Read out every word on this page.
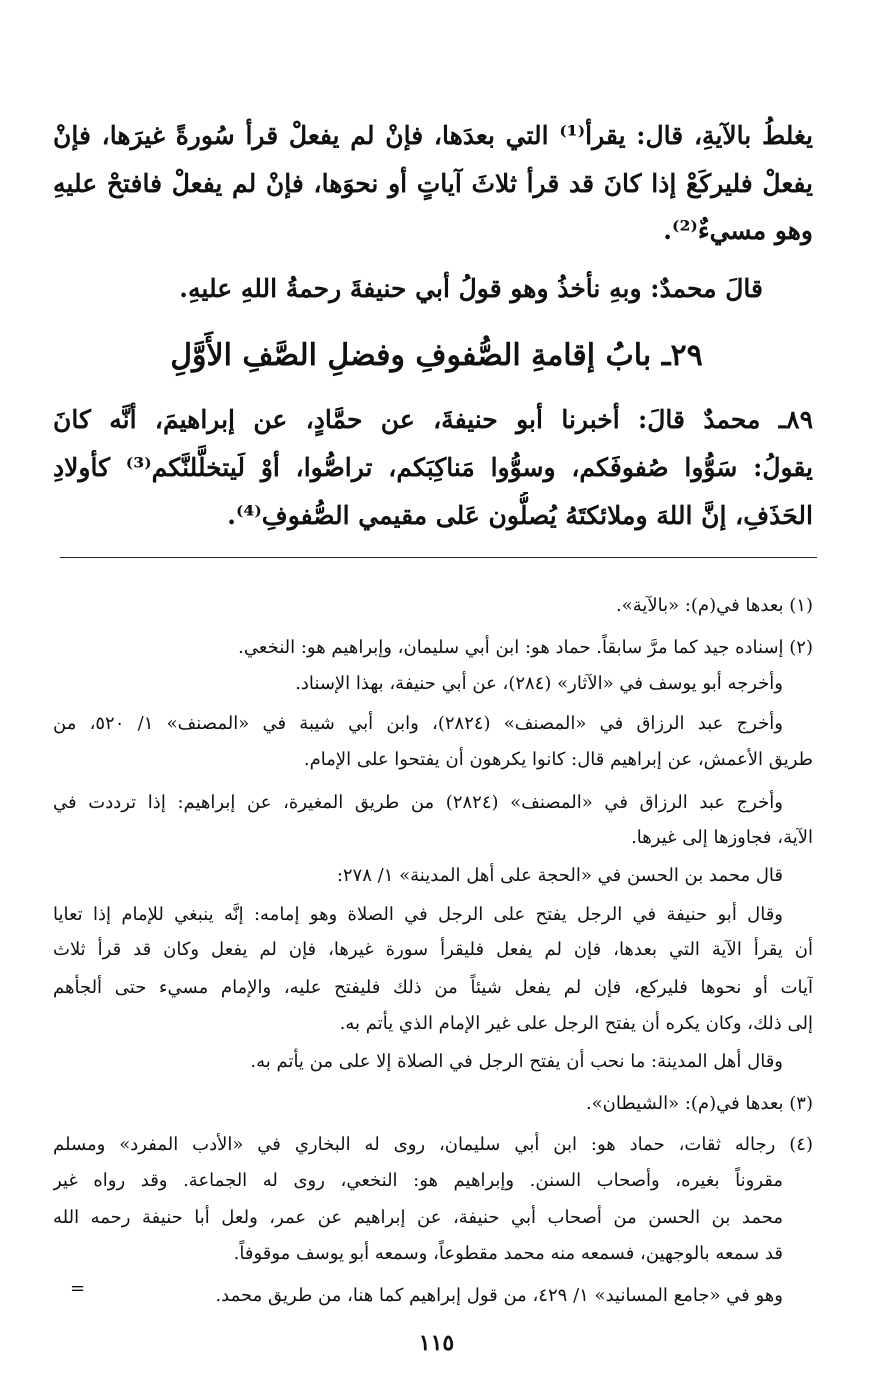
يغلطُ بالآيةِ، قال: يقرأ⁽¹⁾ التي بعدَها، فإنْ لم يفعلْ قرأ سُورةً غيرَها، فإنْ
يفعلْ فليركَعْ إذا كانَ قد قرأ ثلاثَ آياتٍ أو نحوَها، فإنْ لم يفعلْ فافتحْ عليهِ
وهو مسيءٌ⁽²⁾.
قالَ محمدٌ: وبهِ نأخذُ وهو قولُ أبي حنيفةَ رحمةُ اللهِ عليهِ.
٢٩ـ بابُ إقامةِ الصُّفوفِ وفضلِ الصَّفِ الأَوَّلِ
٨٩ـ محمدٌ قالَ: أخبرنا أبو حنيفةَ، عن حمَّادٍ، عن إبراهيمَ، أنَّه كانَ
يقولُ: سَوُّوا صُفوفَكم، وسوُّوا مَناكِبَكم، تراصُّوا، أوْ لَيتخلَّلنَّكم⁽³⁾ كأولادِ
الحَذَفِ، إنَّ اللهَ وملائكتَهُ يُصلُّون عَلى مقيمي الصُّفوفِ⁽⁴⁾.
(١) بعدها في(م): «بالآية».
(٢) إسناده جيد كما مرَّ سابقاً. حماد هو: ابن أبي سليمان، وإبراهيم هو: النخعي.
وأخرجه أبو يوسف في «الآثار» (٢٨٤)، عن أبي حنيفة، بهذا الإسناد.
وأخرج عبد الرزاق في «المصنف» (٢٨٢٤)، وابن أبي شيبة في «المصنف» ١/ ٥٢٠، من
طريق الأعمش، عن إبراهيم قال: كانوا يكرهون أن يفتحوا على الإمام.
وأخرج عبد الرزاق في «المصنف» (٢٨٢٤) من طريق المغيرة، عن إبراهيم: إذا ترددت في
الآية، فجاوزها إلى غيرها.
قال محمد بن الحسن في «الحجة على أهل المدينة» ١/ ٢٧٨:
وقال أبو حنيفة في الرجل يفتح على الرجل في الصلاة وهو إمامه: إنَّه ينبغي للإمام إذا تعايا
أن يقرأ الآية التي بعدها، فإن لم يفعل فليقرأ سورة غيرها، فإن لم يفعل وكان قد قرأ ثلاث
آيات أو نحوها فليركع، فإن لم يفعل شيئاً من ذلك فليفتح عليه، والإمام مسيء حتى ألجأهم
إلى ذلك، وكان يكره أن يفتح الرجل على غير الإمام الذي يأتم به.
وقال أهل المدينة: ما نحب أن يفتح الرجل في الصلاة إلا على من يأتم به.
(٣) بعدها في(م): «الشيطان».
(٤) رجاله ثقات، حماد هو: ابن أبي سليمان، روى له البخاري في «الأدب المفرد» ومسلم
مقروناً بغيره، وأصحاب السنن. وإبراهيم هو: النخعي، روى له الجماعة. وقد رواه غير
محمد بن الحسن من أصحاب أبي حنيفة، عن إبراهيم عن عمر، ولعل أبا حنيفة رحمه الله
قد سمعه بالوجهين، فسمعه منه محمد مقطوعاً، وسمعه أبو يوسف موقوفاً.
وهو في «جامع المسانيد» ١/ ٤٢٩، من قول إبراهيم كما هنا، من طريق محمد.
=
١١٥
